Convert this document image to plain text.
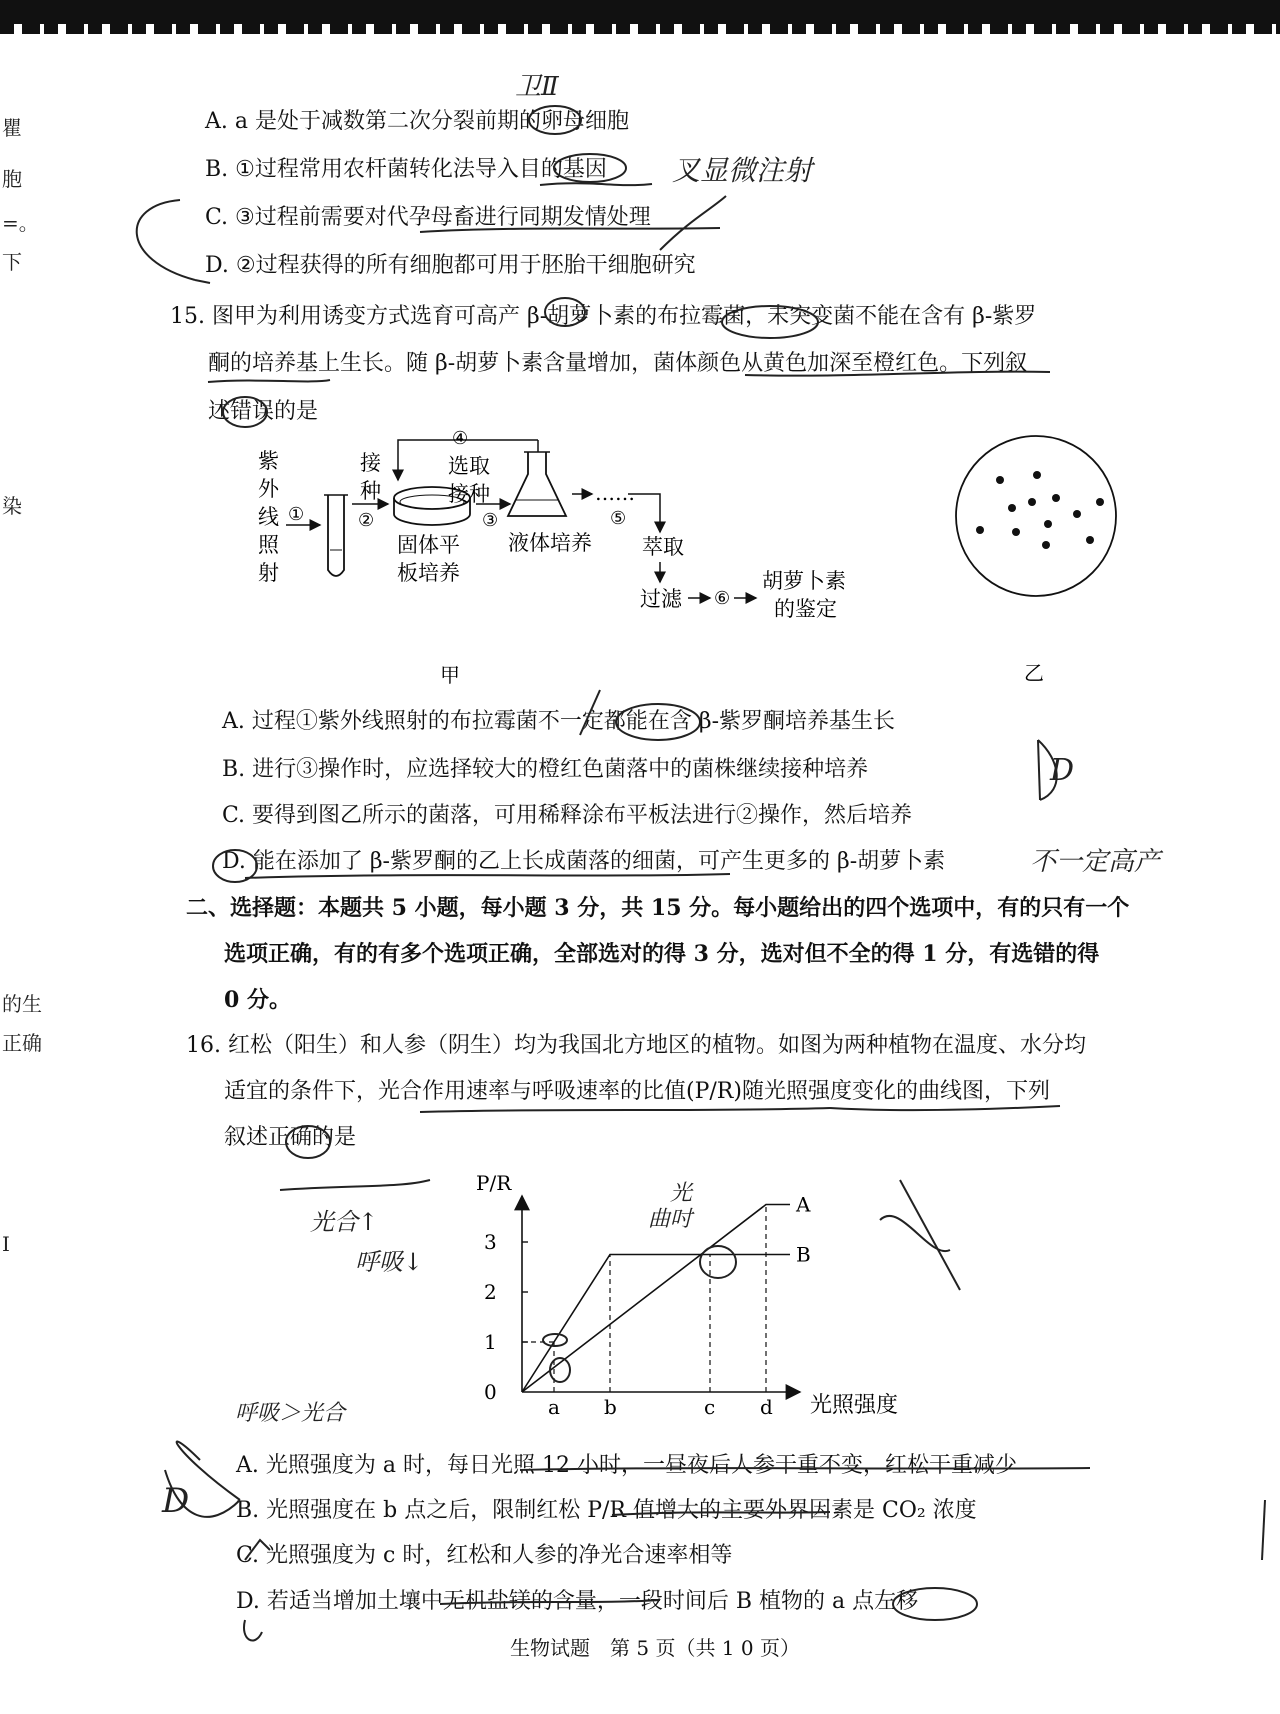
瞿
胞
=。
下
染
的生
正确
I
A. a 是处于减数第二次分裂前期的卵母细胞
B. ①过程常用农杆菌转化法导入目的基因
C. ③过程前需要对代孕母畜进行同期发情处理
D. ②过程获得的所有细胞都可用于胚胎干细胞研究
15. 图甲为利用诱变方式选育可高产 β-胡萝卜素的布拉霉菌，未突变菌不能在含有 β-紫罗
酮的培养基上生长。随 β-胡萝卜素含量增加，菌体颜色从黄色加深至橙红色。下列叙
述错误的是
紫
外
线
照
射
①
接
种
②
固体平
板培养
④
选取
接种
③
液体培养
……
⑤
萃取
过滤 ⑥
胡萝卜素
的鉴定
甲	乙
A. 过程①紫外线照射的布拉霉菌不一定都能在含 β-紫罗酮培养基生长
B. 进行③操作时，应选择较大的橙红色菌落中的菌株继续接种培养
C. 要得到图乙所示的菌落，可用稀释涂布平板法进行②操作，然后培养
D. 能在添加了 β-紫罗酮的乙上长成菌落的细菌，可产生更多的 β-胡萝卜素
二、选择题：本题共 5 小题，每小题 3 分，共 15 分。每小题给出的四个选项中，有的只有一个
选项正确，有的有多个选项正确，全部选对的得 3 分，选对但不全的得 1 分，有选错的得
0 分。
16. 红松（阳生）和人参（阴生）均为我国北方地区的植物。如图为两种植物在温度、水分均
适宜的条件下，光合作用速率与呼吸速率的比值(P/R)随光照强度变化的曲线图，下列
叙述正确的是
P/R
光照强度
0
1
2
3
a b	c d
A
B
A. 光照强度为 a 时，每日光照 12 小时，一昼夜后人参干重不变，红松干重减少
B. 光照强度在 b 点之后，限制红松 P/R 值增大的主要外界因素是 CO₂ 浓度
C. 光照强度为 c 时，红松和人参的净光合速率相等
D. 若适当增加土壤中无机盐镁的含量，一段时间后 B 植物的 a 点左移
生物试题　第 5 页（共 1 0 页）
卫Ⅱ
叉显微注射
D
不一定高产
光合↑
呼吸↓
光
曲吋
呼吸＞光合
D
